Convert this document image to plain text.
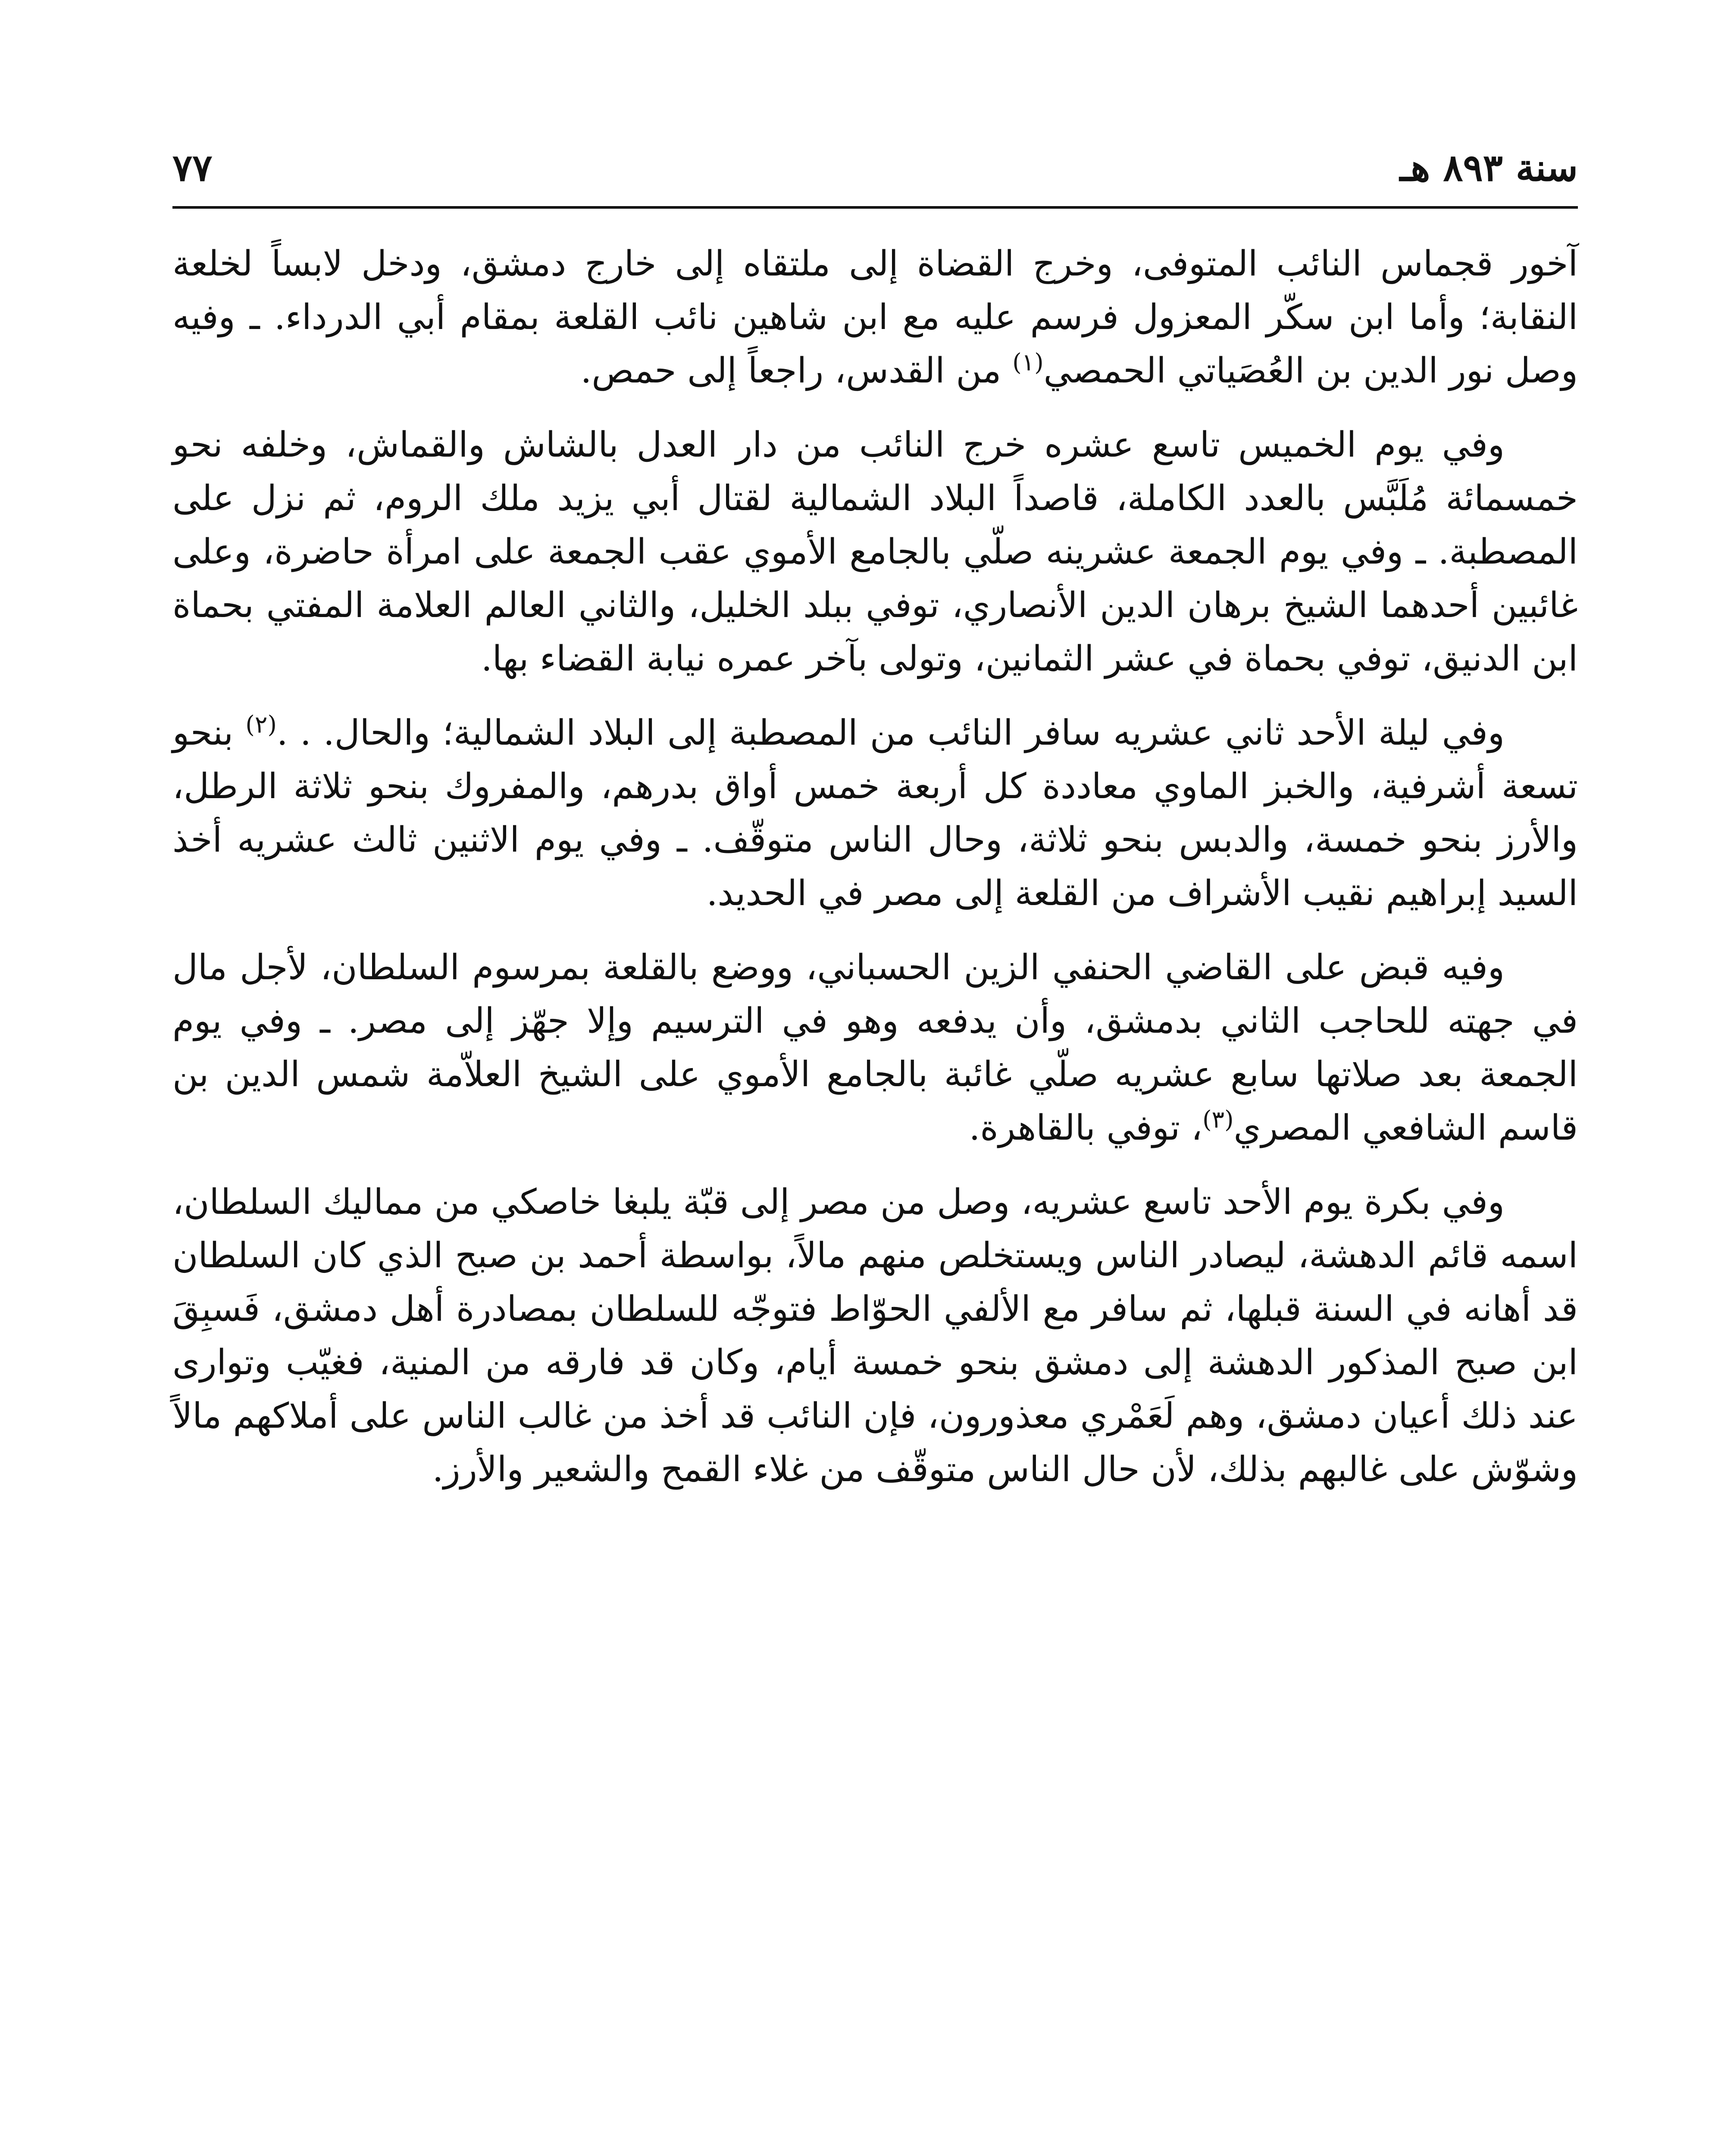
سنة ٨٩٣ هـ
٧٧

آخور قجماس النائب المتوفى، وخرج القضاة إلى ملتقاه إلى خارج دمشق، ودخل لابساً لخلعة النقابة؛ وأما ابن سكّر المعزول فرسم عليه مع ابن شاهين نائب القلعة بمقام أبي الدرداء. ـ وفيه وصل نور الدين بن العُصَياتي الحمصي$^{(١)}$ من القدس، راجعاً إلى حمص.

وفي يوم الخميس تاسع عشره خرج النائب من دار العدل بالشاش والقماش، وخلفه نحو خمسمائة مُلَبَّس بالعدد الكاملة، قاصداً البلاد الشمالية لقتال أبي يزيد ملك الروم، ثم نزل على المصطبة. ـ وفي يوم الجمعة عشرينه صلّي بالجامع الأموي عقب الجمعة على امرأة حاضرة، وعلى غائبين أحدهما الشيخ برهان الدين الأنصاري، توفي ببلد الخليل، والثاني العالم العلامة المفتي بحماة ابن الدنيق، توفي بحماة في عشر الثمانين، وتولى بآخر عمره نيابة القضاء بها.

وفي ليلة الأحد ثاني عشريه سافر النائب من المصطبة إلى البلاد الشمالية؛ والحال. . .$^{(٢)}$ بنحو تسعة أشرفية، والخبز الماوي معاددة كل أربعة خمس أواق بدرهم، والمفروك بنحو ثلاثة الرطل، والأرز بنحو خمسة، والدبس بنحو ثلاثة، وحال الناس متوقّف. ـ وفي يوم الاثنين ثالث عشريه أخذ السيد إبراهيم نقيب الأشراف من القلعة إلى مصر في الحديد.

وفيه قبض على القاضي الحنفي الزين الحسباني، ووضع بالقلعة بمرسوم السلطان، لأجل مال في جهته للحاجب الثاني بدمشق، وأن يدفعه وهو في الترسيم وإلا جهّز إلى مصر. ـ وفي يوم الجمعة بعد صلاتها سابع عشريه صلّي غائبة بالجامع الأموي على الشيخ العلاّمة شمس الدين بن قاسم الشافعي المصري$^{(٣)}$، توفي بالقاهرة.

وفي بكرة يوم الأحد تاسع عشريه، وصل من مصر إلى قبّة يلبغا خاصكي من مماليك السلطان، اسمه قائم الدهشة، ليصادر الناس ويستخلص منهم مالاً، بواسطة أحمد بن صبح الذي كان السلطان قد أهانه في السنة قبلها، ثم سافر مع الألفي الحوّاط فتوجّه للسلطان بمصادرة أهل دمشق، فَسبِقَ ابن صبح المذكور الدهشة إلى دمشق بنحو خمسة أيام، وكان قد فارقه من المنية، فغيّب وتوارى عند ذلك أعيان دمشق، وهم لَعَمْري معذورون، فإن النائب قد أخذ من غالب الناس على أملاكهم مالاً وشوّش على غالبهم بذلك، لأن حال الناس متوقّف من غلاء القمح والشعير والأرز.
